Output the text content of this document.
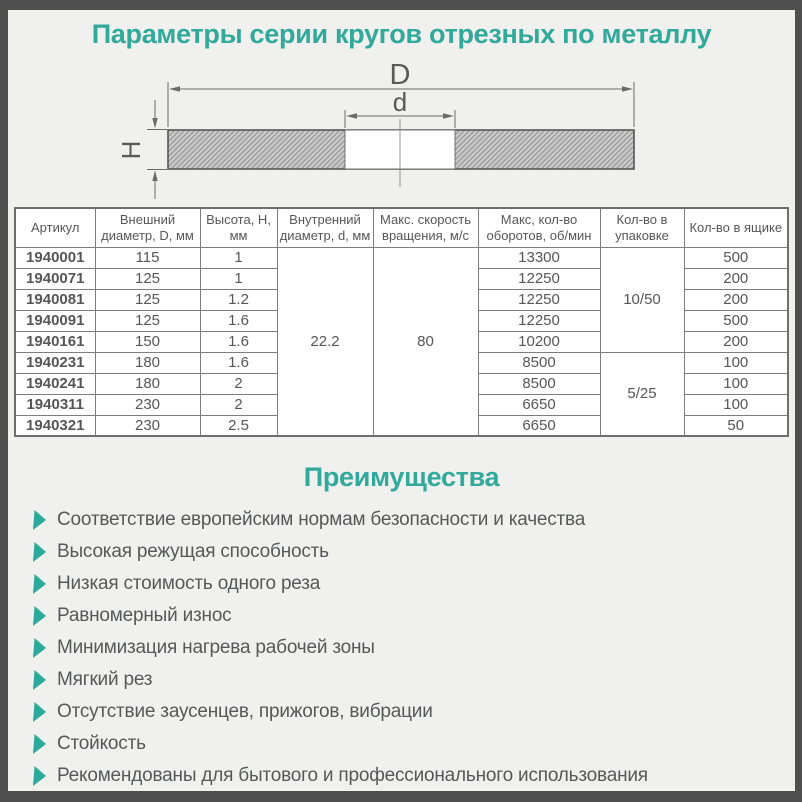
Параметры серии кругов отрезных по металлу
D
d
H
Артикул	Внешний диаметр, D, мм	Высота, H, мм	Внутренний диаметр, d, мм	Макс. скорость вращения, м/с	Макс, кол-во оборотов, об/мин	Кол-во в упаковке	Кол-во в ящике
1940001	115	1	22.2	80	13300	10/50	500
1940071	125	1			12250		200
1940081	125	1.2			12250		200
1940091	125	1.6			12250		500
1940161	150	1.6			10200		200
1940231	180	1.6			8500	5/25	100
1940241	180	2			8500		100
1940311	230	2			6650		100
1940321	230	2.5			6650		50
Преимущества
Соответствие европейским нормам безопасности и качества
Высокая режущая способность
Низкая стоимость одного реза
Равномерный износ
Минимизация нагрева рабочей зоны
Мягкий рез
Отсутствие заусенцев, прижогов, вибрации
Стойкость
Рекомендованы для бытового и профессионального использования
